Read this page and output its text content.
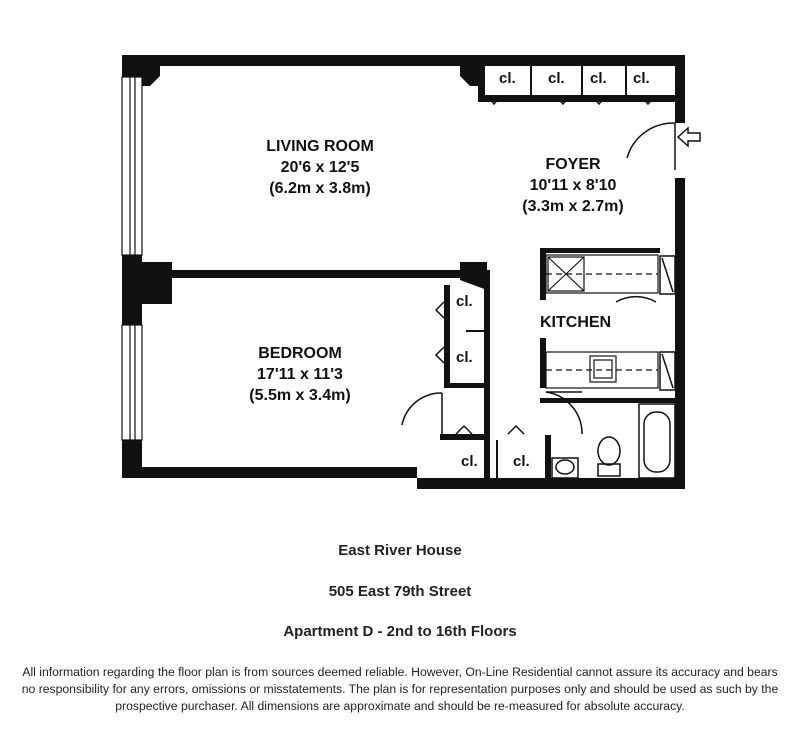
LIVING ROOM
20'6 x 12'5
(6.2m x 3.8m)
FOYER
10'11 x 8'10
(3.3m x 2.7m)
BEDROOM
17'11 x 11'3
(5.5m x 3.4m)
KITCHEN
cl. cl. cl. cl.
cl.
cl.
cl. cl.
East River House
505 East 79th Street
Apartment D - 2nd to 16th Floors
All information regarding the floor plan is from sources deemed reliable. However, On-Line Residential cannot assure its accuracy and bears no responsibility for any errors, omissions or misstatements. The plan is for representation purposes only and should be used as such by the prospective purchaser. All dimensions are approximate and should be re-measured for absolute accuracy.
